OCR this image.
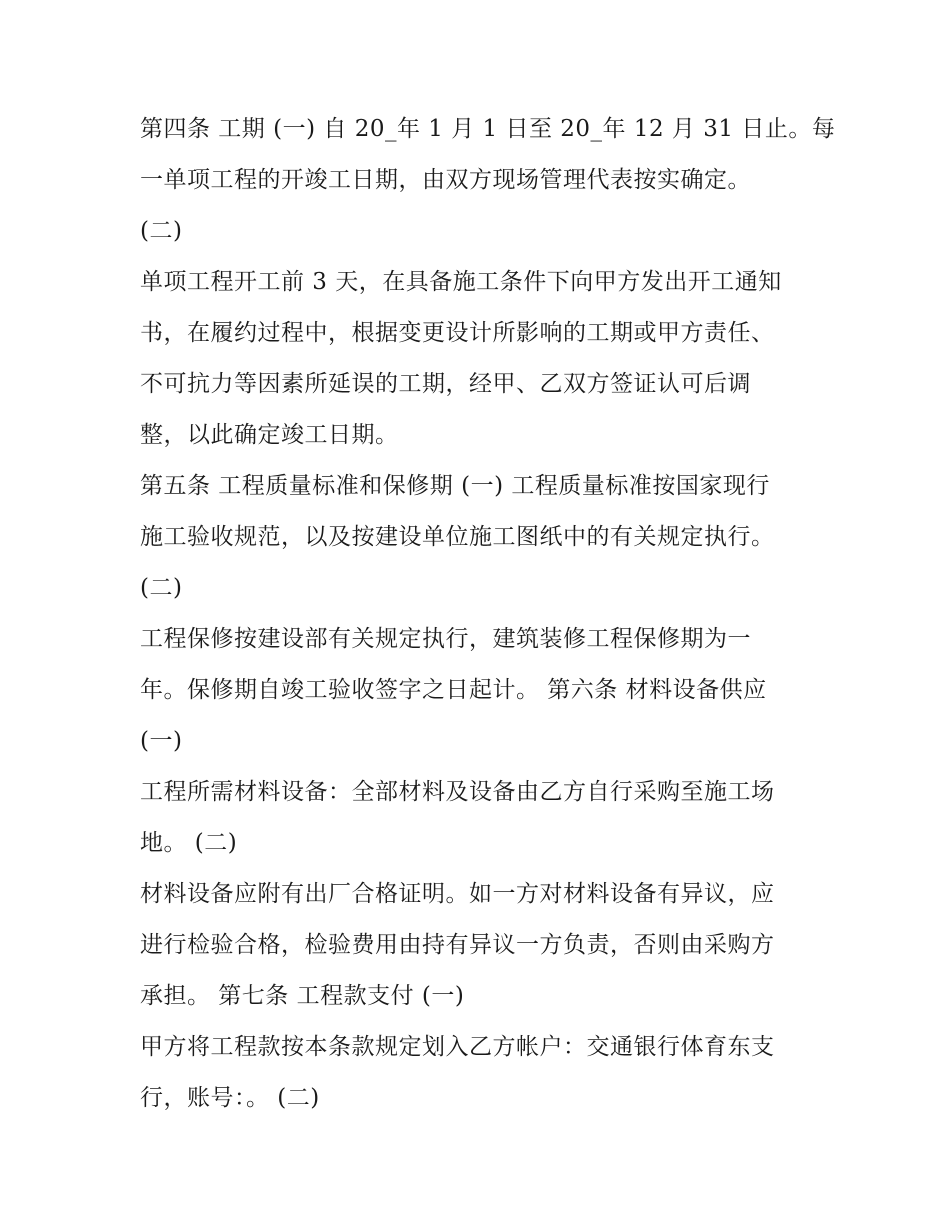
第四条 工期 (一) 自 20_年 1 月 1 日至 20_年 12 月 31 日止。每
一单项工程的开竣工日期，由双方现场管理代表按实确定。
(二)
单项工程开工前 3 天，在具备施工条件下向甲方发出开工通知
书，在履约过程中，根据变更设计所影响的工期或甲方责任、
不可抗力等因素所延误的工期，经甲、乙双方签证认可后调
整，以此确定竣工日期。
第五条 工程质量标准和保修期 (一) 工程质量标准按国家现行
施工验收规范，以及按建设单位施工图纸中的有关规定执行。
(二)
工程保修按建设部有关规定执行，建筑装修工程保修期为一
年。保修期自竣工验收签字之日起计。 第六条 材料设备供应
(一)
工程所需材料设备：全部材料及设备由乙方自行采购至施工场
地。 (二)
材料设备应附有出厂合格证明。如一方对材料设备有异议，应
进行检验合格，检验费用由持有异议一方负责，否则由采购方
承担。 第七条 工程款支付 (一)
甲方将工程款按本条款规定划入乙方帐户：交通银行体育东支
行，账号：。 (二)
